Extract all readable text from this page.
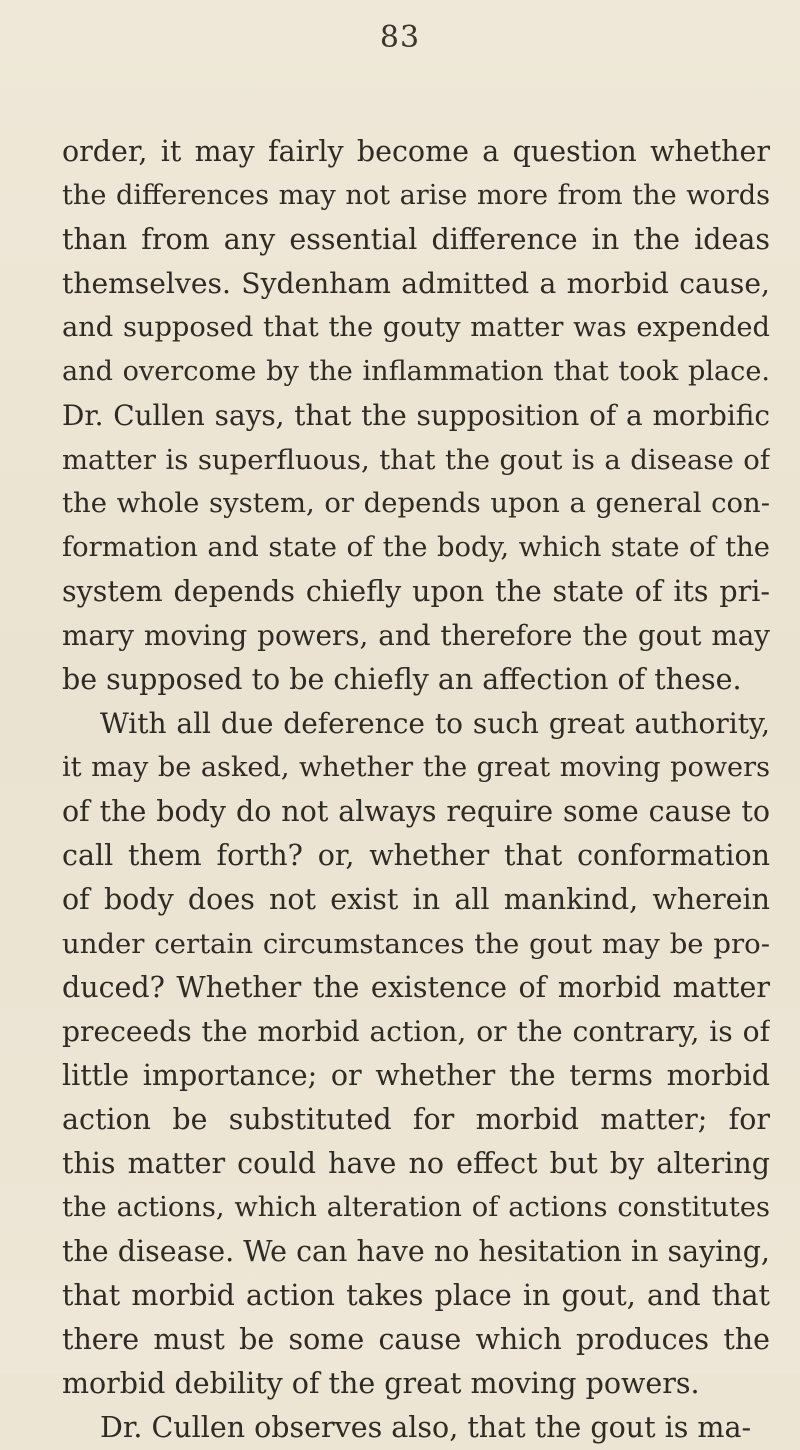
83
order, it may fairly become a question whether
the differences may not arise more from the words
than from any essential difference in the ideas
themselves. Sydenham admitted a morbid cause,
and supposed that the gouty matter was expended
and overcome by the inflammation that took place.
Dr. Cullen says, that the supposition of a morbific
matter is superfluous, that the gout is a disease of
the whole system, or depends upon a general con-
formation and state of the body, which state of the
system depends chiefly upon the state of its pri-
mary moving powers, and therefore the gout may
be supposed to be chiefly an affection of these.
With all due deference to such great authority,
it may be asked, whether the great moving powers
of the body do not always require some cause to
call them forth? or, whether that conformation
of body does not exist in all mankind, wherein
under certain circumstances the gout may be pro-
duced? Whether the existence of morbid matter
preceeds the morbid action, or the contrary, is of
little importance; or whether the terms morbid
action be substituted for morbid matter; for
this matter could have no effect but by altering
the actions, which alteration of actions constitutes
the disease. We can have no hesitation in saying,
that morbid action takes place in gout, and that
there must be some cause which produces the
morbid debility of the great moving powers.
Dr. Cullen observes also, that the gout is ma-
